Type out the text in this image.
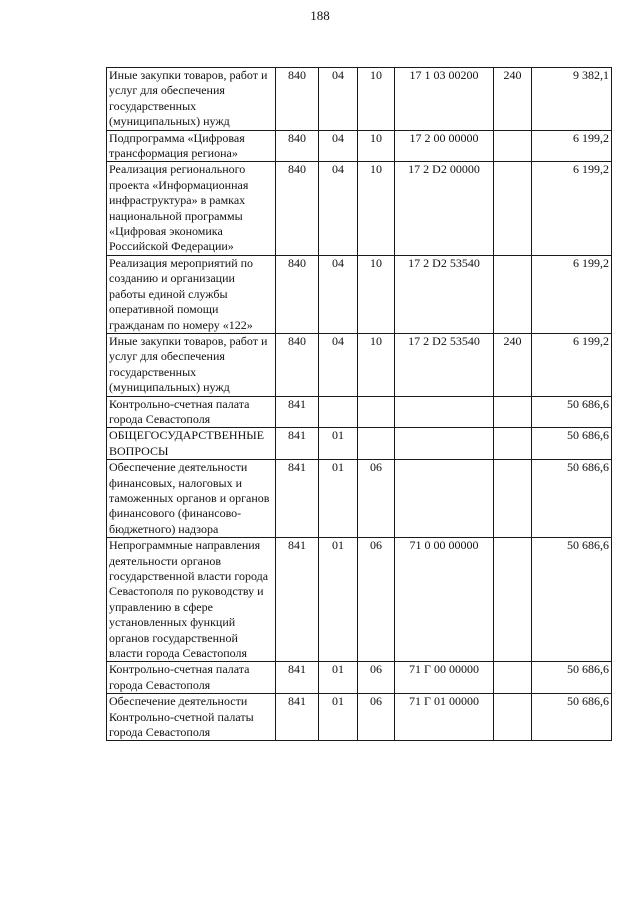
188
Иные закупки товаров, работ и услуг для обеспечения государственных (муниципальных) нужд	840	04	10	17 1 03 00200	240	9 382,1
Подпрограмма «Цифровая трансформация региона»	840	04	10	17 2 00 00000		6 199,2
Реализация регионального проекта «Информационная инфраструктура» в рамках национальной программы «Цифровая экономика Российской Федерации»	840	04	10	17 2 D2 00000		6 199,2
Реализация мероприятий по созданию и организации работы единой службы оперативной помощи гражданам по номеру «122»	840	04	10	17 2 D2 53540		6 199,2
Иные закупки товаров, работ и услуг для обеспечения государственных (муниципальных) нужд	840	04	10	17 2 D2 53540	240	6 199,2
Контрольно-счетная палата города Севастополя	841					50 686,6
ОБЩЕГОСУДАРСТВЕННЫЕ ВОПРОСЫ	841	01				50 686,6
Обеспечение деятельности финансовых, налоговых и таможенных органов и органов финансового (финансово-бюджетного) надзора	841	01	06			50 686,6
Непрограммные направления деятельности органов государственной власти города Севастополя по руководству и управлению в сфере установленных функций органов государственной власти города Севастополя	841	01	06	71 0 00 00000		50 686,6
Контрольно-счетная палата города Севастополя	841	01	06	71 Г 00 00000		50 686,6
Обеспечение деятельности Контрольно-счетной палаты города Севастополя	841	01	06	71 Г 01 00000		50 686,6
